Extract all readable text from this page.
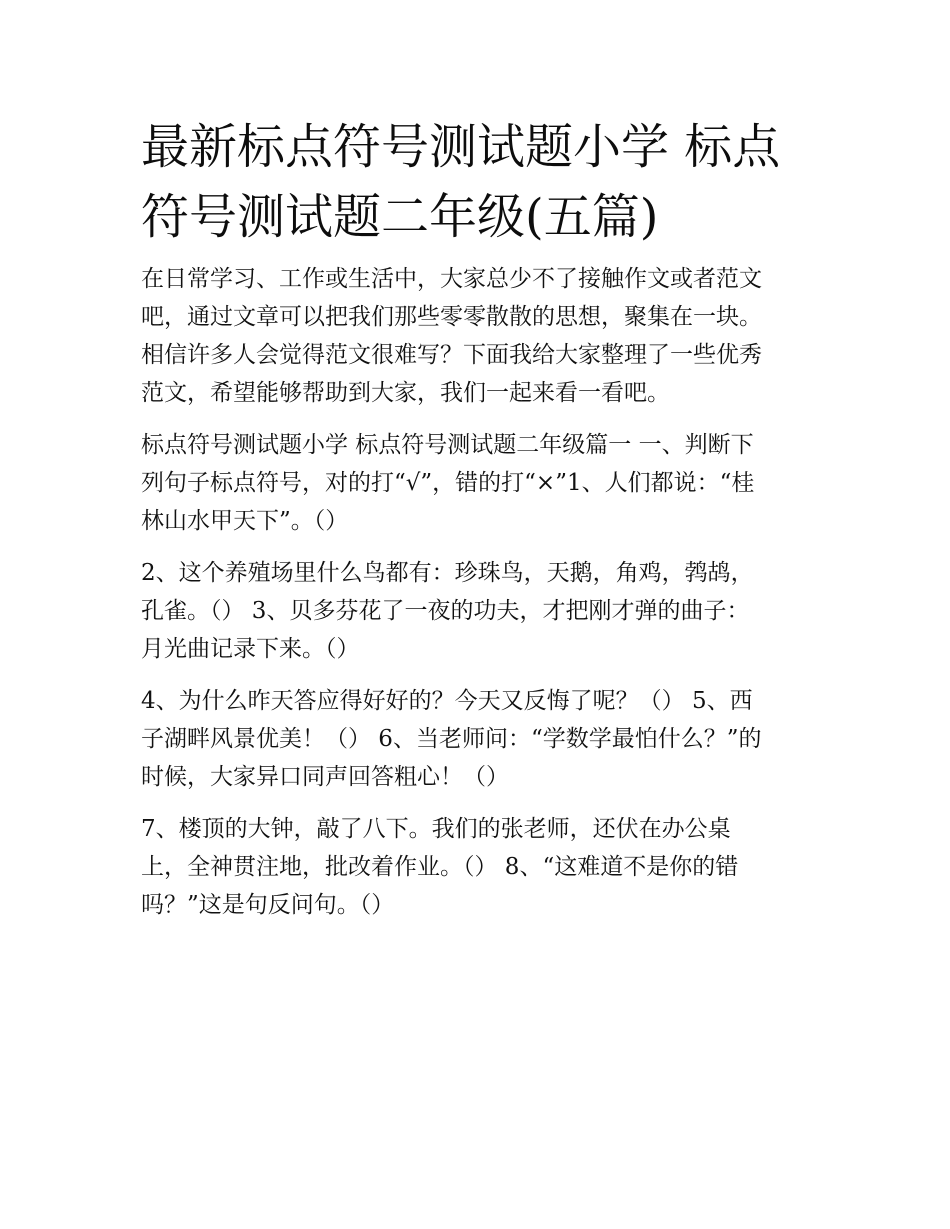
最新标点符号测试题小学 标点
符号测试题二年级(五篇)

在日常学习、工作或生活中，大家总少不了接触作文或者范文
吧，通过文章可以把我们那些零零散散的思想，聚集在一块。
相信许多人会觉得范文很难写？下面我给大家整理了一些优秀
范文，希望能够帮助到大家，我们一起来看一看吧。

标点符号测试题小学 标点符号测试题二年级篇一 一、判断下
列句子标点符号，对的打“√”，错的打“×”1、人们都说：“桂
林山水甲天下”。（）

2、这个养殖场里什么鸟都有：珍珠鸟，天鹅，角鸡，鹁鸪，
孔雀。（） 3、贝多芬花了一夜的功夫，才把刚才弹的曲子：
月光曲记录下来。（）

4、为什么昨天答应得好好的？今天又反悔了呢？（） 5、西
子湖畔风景优美！（） 6、当老师问：“学数学最怕什么？”的
时候，大家异口同声回答粗心！（）

7、楼顶的大钟，敲了八下。我们的张老师，还伏在办公桌
上，全神贯注地，批改着作业。（） 8、“这难道不是你的错
吗？”这是句反问句。（）
